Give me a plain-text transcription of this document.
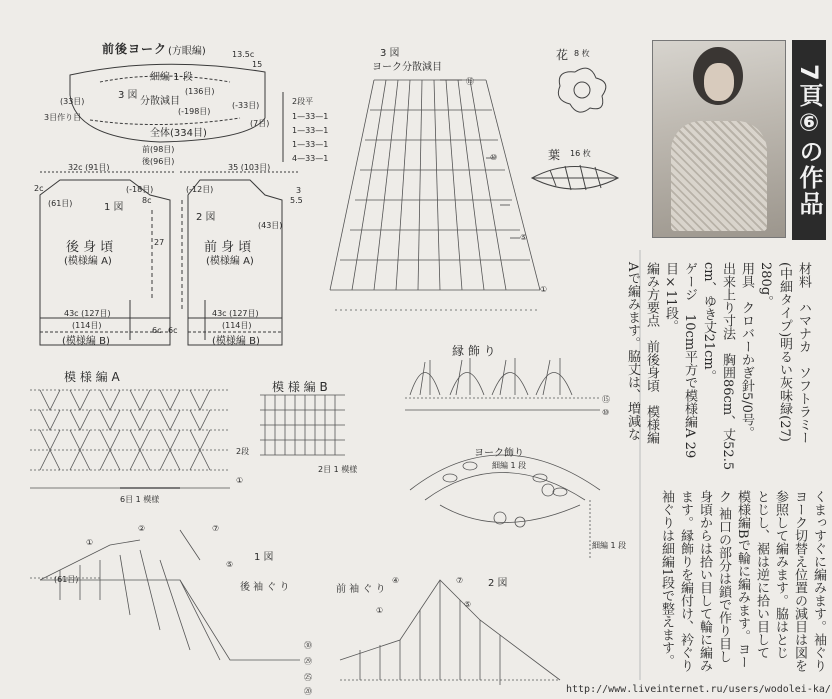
前後ヨーク (方眼編)	13.5c
15
細編 1 段
3 図
分散減目
(136目)
(-198目)
全体(334目)
前(98目)
後(96目)
(33目)	(-33目)
3目作り目
(7目)
2段平
1—33—1
1—33—1
1—33—1
4—33—1
32c (91目)
(-18目)
2c
(61目)	1 図
後 身 頃
(模様編 A)
8c
43c (127目)
(114目)
(模様編 B)
6c
35 (103目)
(-12目)
2 図
(43目)
27	前 身 頃
(模様編 A)
5.5
3
43c (127目)
(114目)
(模様編 B)
6c
3 図
ヨーク分散減目
⑮
⑩
⑤
①
花 8 枚
葉 16 枚
模 様 編 A
2段
①
6目 1 模様
模 様 編 B
2目 1 模様
縁 飾 り
⑮
⑩
ヨーク飾り
細編 1 段
細編 1 段
1 図
後 袖 ぐ り
⑦
⑤
②
①
(61目)	2 図
前 袖 ぐ り
⑦
⑤
④
①
㉚
㉙
㉕
⑳
7頁⑥の作品
材料　ハマナカ　ソフトラミー
(中細タイプ)明るい灰味緑(27)
280g。
用具　クロバーかぎ針5/0号。
出来上り寸法　胸囲86cm、丈52.5
cm、ゆき丈21cm。
ゲージ　10cm平方で模様編A 29
目×11段。
編み方要点　前後身頃　模様編
Aで編みます。脇丈は、増減な
くまっすぐに編みます。袖ぐり
ヨーク切替え位置の減目は図を
参照して編みます。脇はとじ
とじし、裾は逆に拾い目して
模様編Bで輪に編みます。ヨー
ク 袖口の部分は鎖で作り目し
身頃からは拾い目して輪に編み
ます。縁飾りを編付け、衿ぐり
袖ぐりは細編1段で整えます。
http://www.liveinternet.ru/users/wodolei-ka/
